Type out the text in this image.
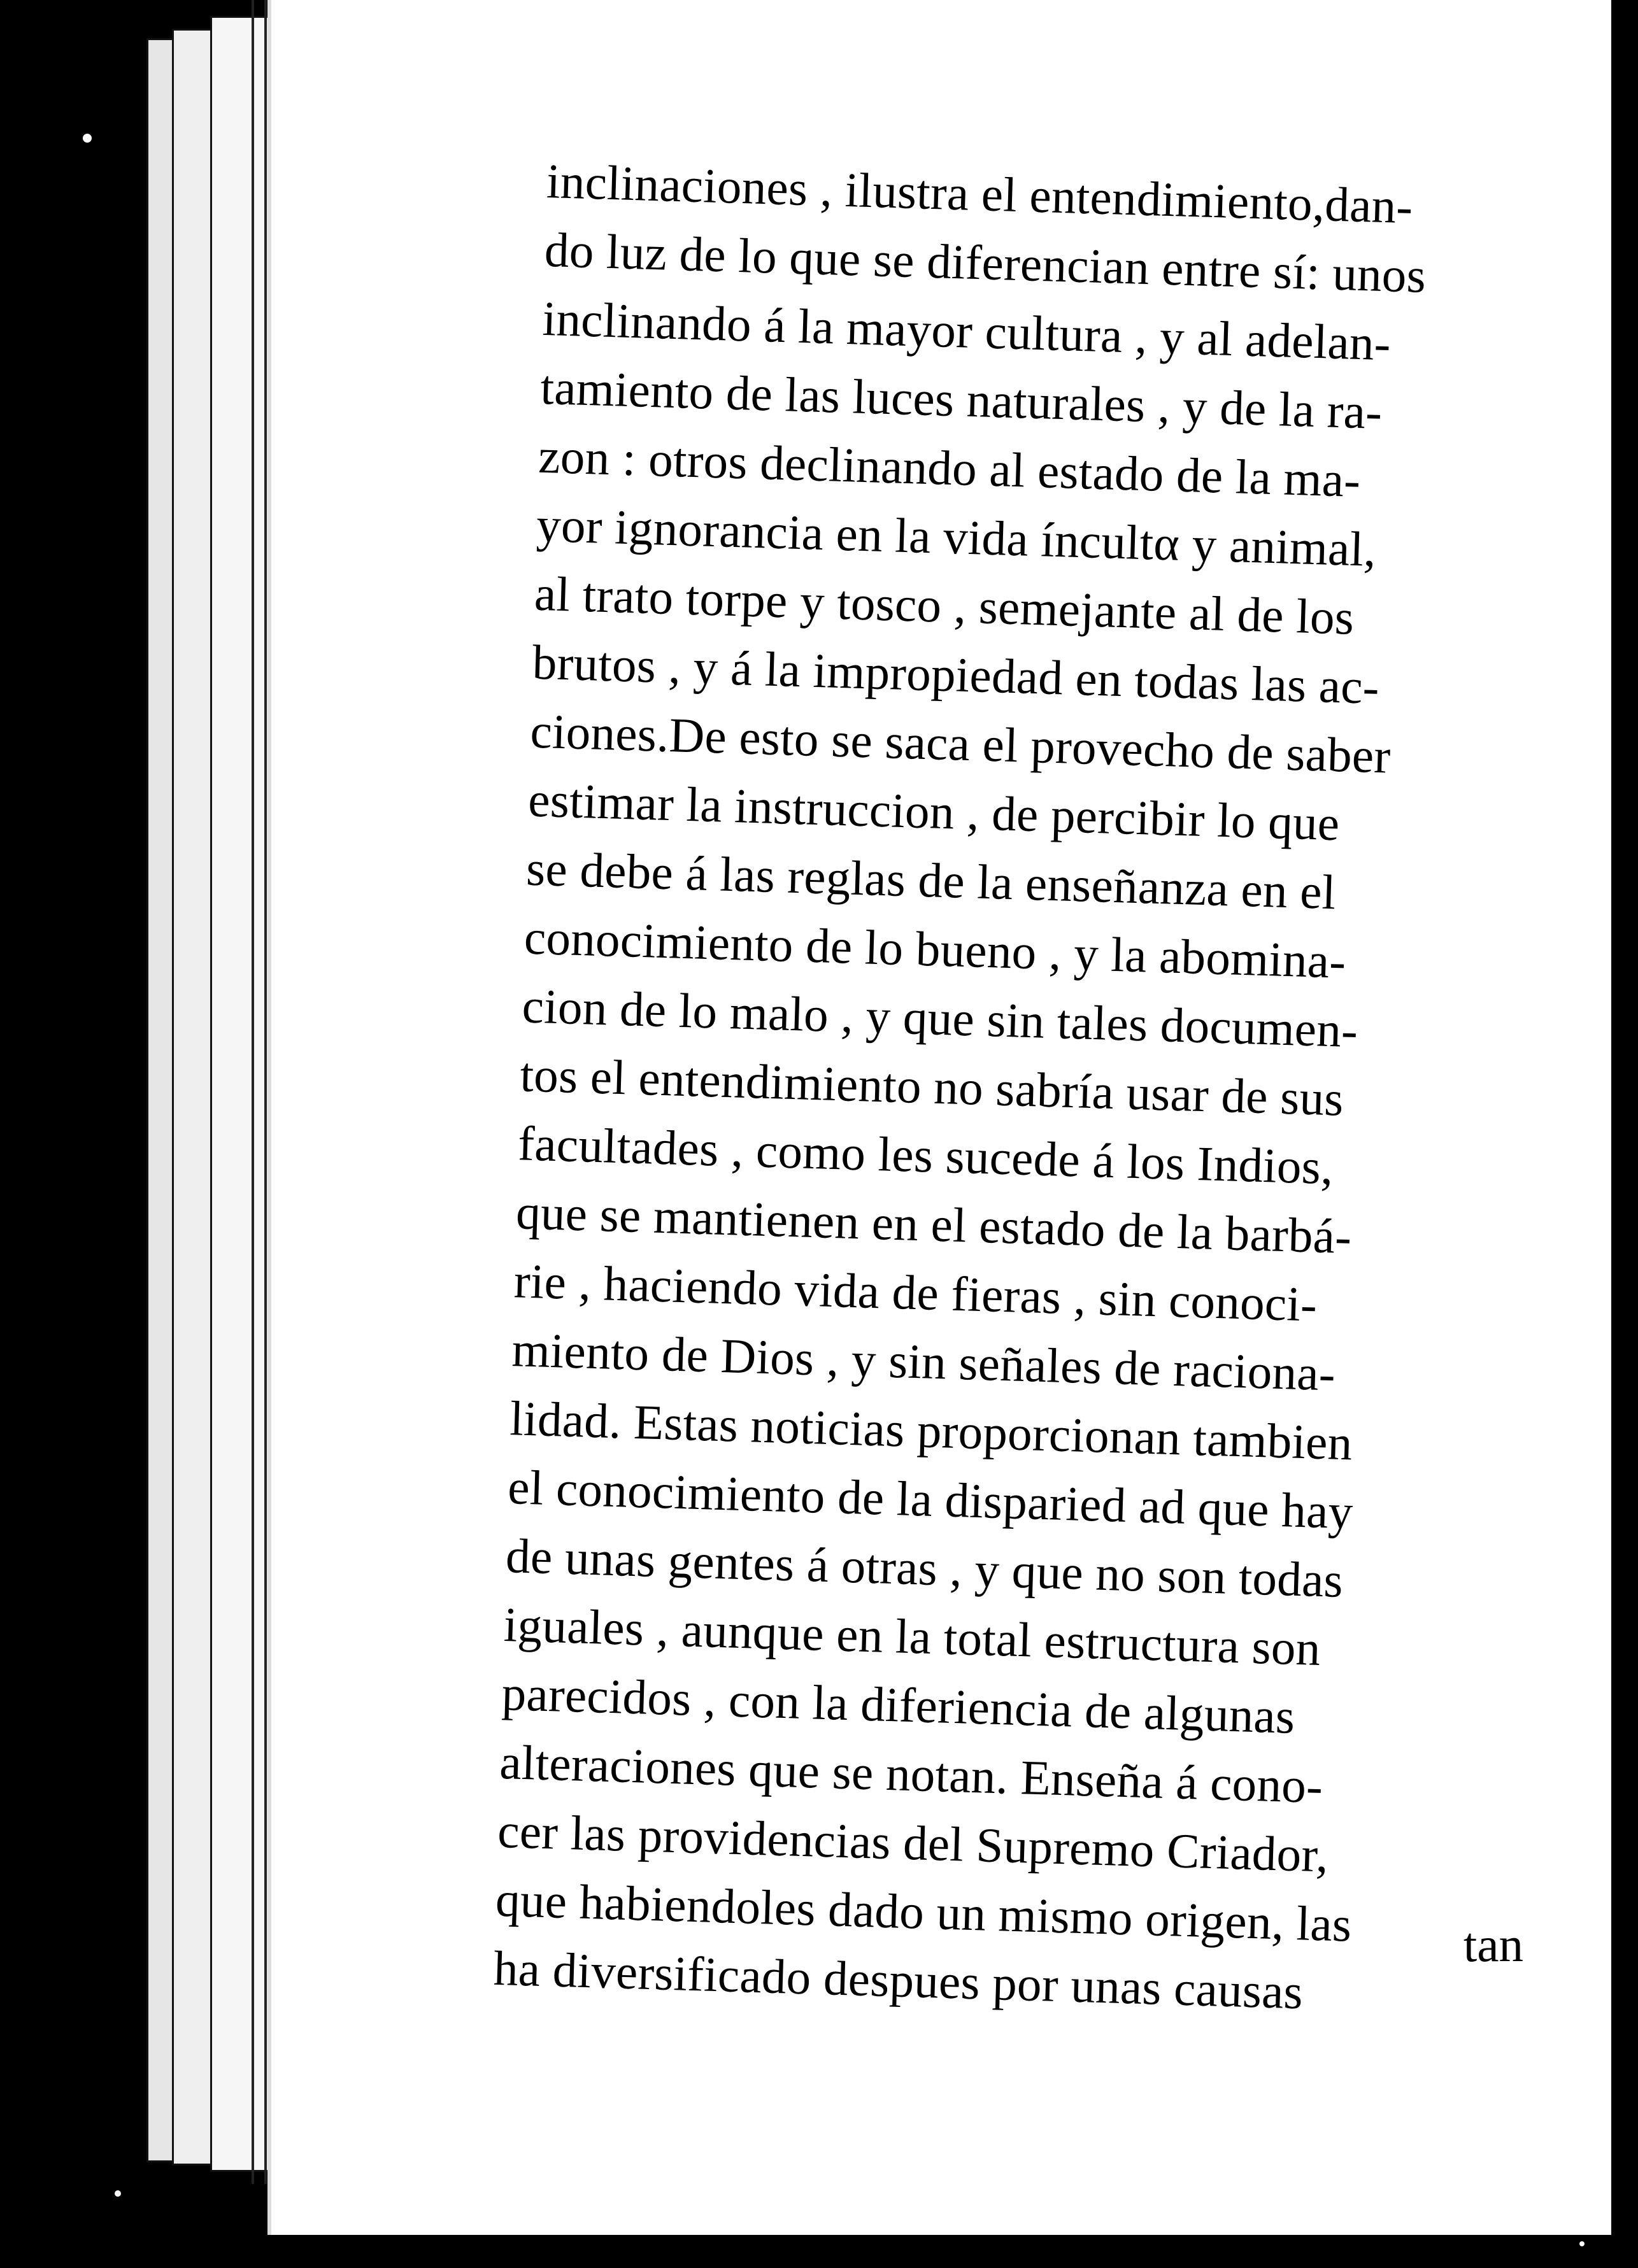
inclinaciones , ilustra el entendimiento,dan-
do luz de lo que se diferencian entre sí: unos
inclinando á la mayor cultura , y al adelan-
tamiento de las luces naturales , y de la ra-
zon : otros declinando al estado de la ma-
yor ignorancia en la vida íncultα y animal,
al trato torpe y tosco , semejante al de los
brutos , y á la impropiedad en todas las ac-
ciones.De esto se saca el provecho de saber
estimar la instruccion , de percibir lo que
se debe á las reglas de la enseñanza en el
conocimiento de lo bueno , y la abomina-
cion de lo malo , y que sin tales documen-
tos el entendimiento no sabría usar de sus
facultades , como les sucede á los Indios,
que se mantienen en el estado de la barbá-
rie , haciendo vida de fieras , sin conoci-
miento de Dios , y sin señales de raciona-
lidad. Estas noticias proporcionan tambien
el conocimiento de la disparied ad que hay
de unas gentes á otras , y que no son todas
iguales , aunque en la total estructura son
parecidos , con la diferiencia de algunas
alteraciones que se notan. Enseña á cono-
cer las providencias del Supremo Criador,
que habiendoles dado un mismo origen, las
ha diversificado despues por unas causas	tan
